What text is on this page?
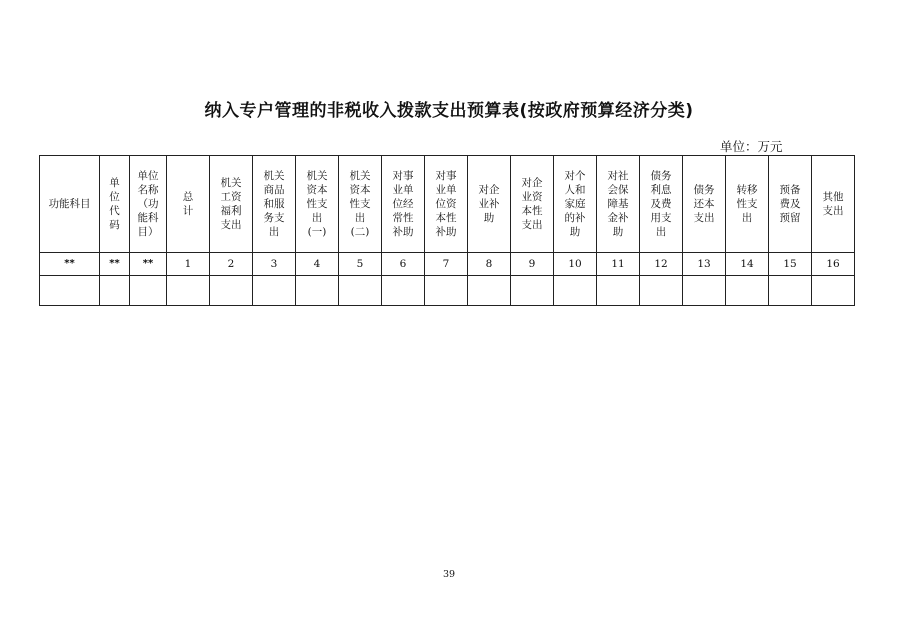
纳入专户管理的非税收入拨款支出预算表(按政府预算经济分类)
单位：万元
功能科目	单
位
代
码	单位
名称
（功
能科
目）	总
计	机关
工资
福利
支出	机关
商品
和服
务支
出	机关
资本
性支
出
(一)	机关
资本
性支
出
(二)	对事
业单
位经
常性
补助	对事
业单
位资
本性
补助	对企
业补
助	对企
业资
本性
支出	对个
人和
家庭
的补
助	对社
会保
障基
金补
助	债务
利息
及费
用支
出	债务
还本
支出	转移
性支
出	预备
费及
预留	其他
支出
**	**	**	1	2	3	4	5	6	7	8	9	10	11	12	13	14	15	16

39
